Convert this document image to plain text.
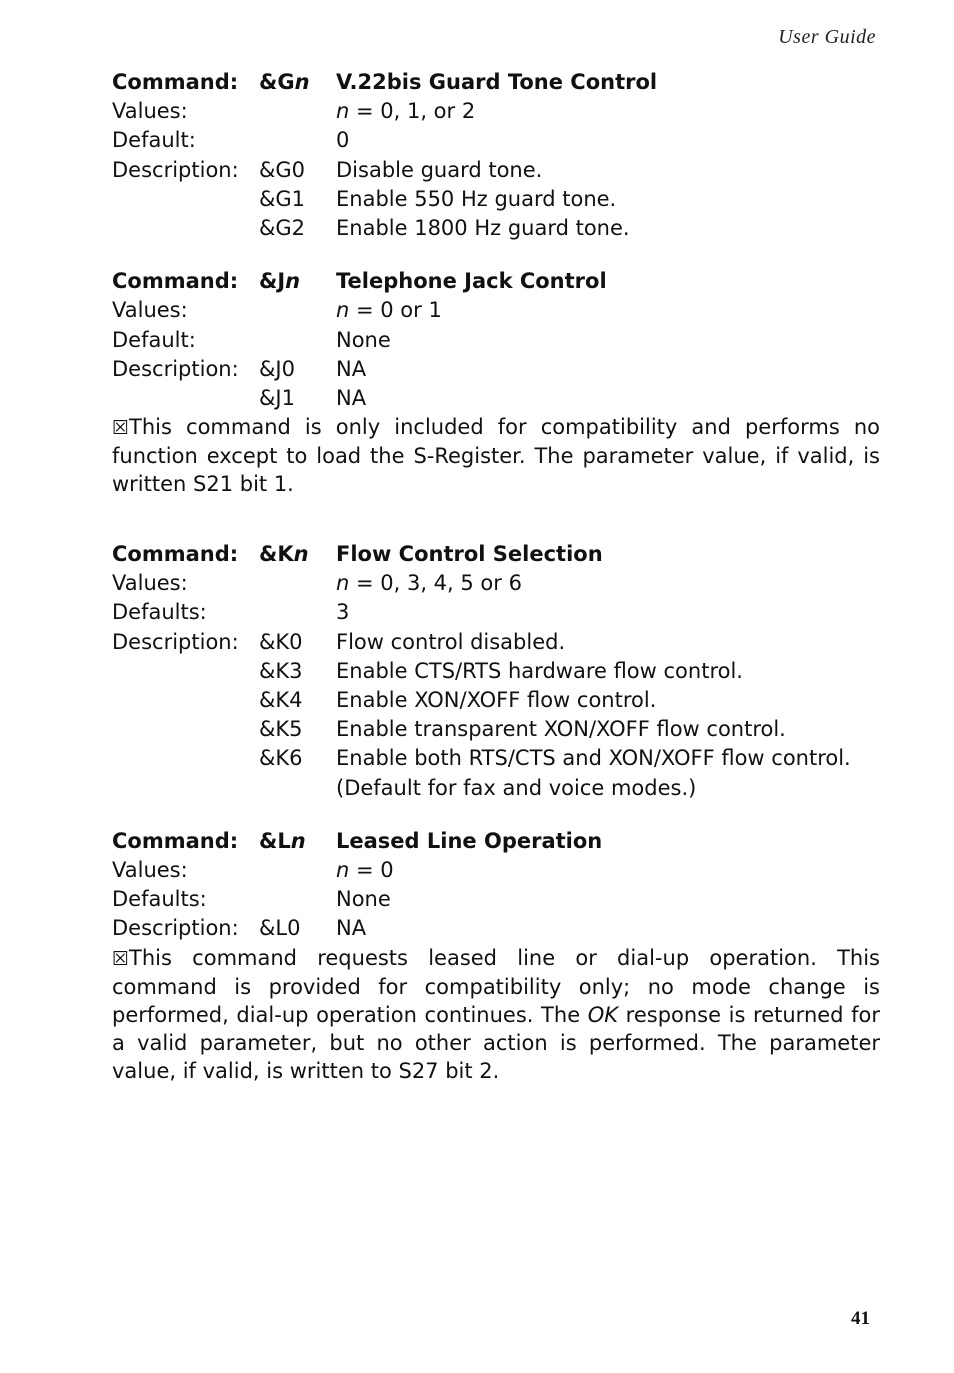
User Guide
Command: &Gn V.22bis Guard Tone Control
Values:	n = 0, 1, or 2
Default:	0
Description: &G0 Disable guard tone.
&G1 Enable 550 Hz guard tone.
&G2 Enable 1800 Hz guard tone.
Command: &Jn Telephone Jack Control
Values:	n = 0 or 1
Default:	None
Description: &J0 NA
&J1 NA
☒This command is only included for compatibility and performs no function except to load the S-Register. The parameter value, if valid, is written S21 bit 1.
Command: &Kn Flow Control Selection
Values:	n = 0, 3, 4, 5 or 6
Defaults:	3
Description: &K0 Flow control disabled.
&K3 Enable CTS/RTS hardware flow control.
&K4 Enable XON/XOFF flow control.
&K5 Enable transparent XON/XOFF flow control.
&K6 Enable both RTS/CTS and XON/XOFF flow control.
(Default for fax and voice modes.)
Command: &Ln Leased Line Operation
Values:	n = 0
Defaults:	None
Description: &L0 NA
☒This command requests leased line or dial-up operation. This command is provided for compatibility only; no mode change is performed, dial-up operation continues. The OK response is returned for a valid parameter, but no other action is performed. The parameter value, if valid, is written to S27 bit 2.
41
